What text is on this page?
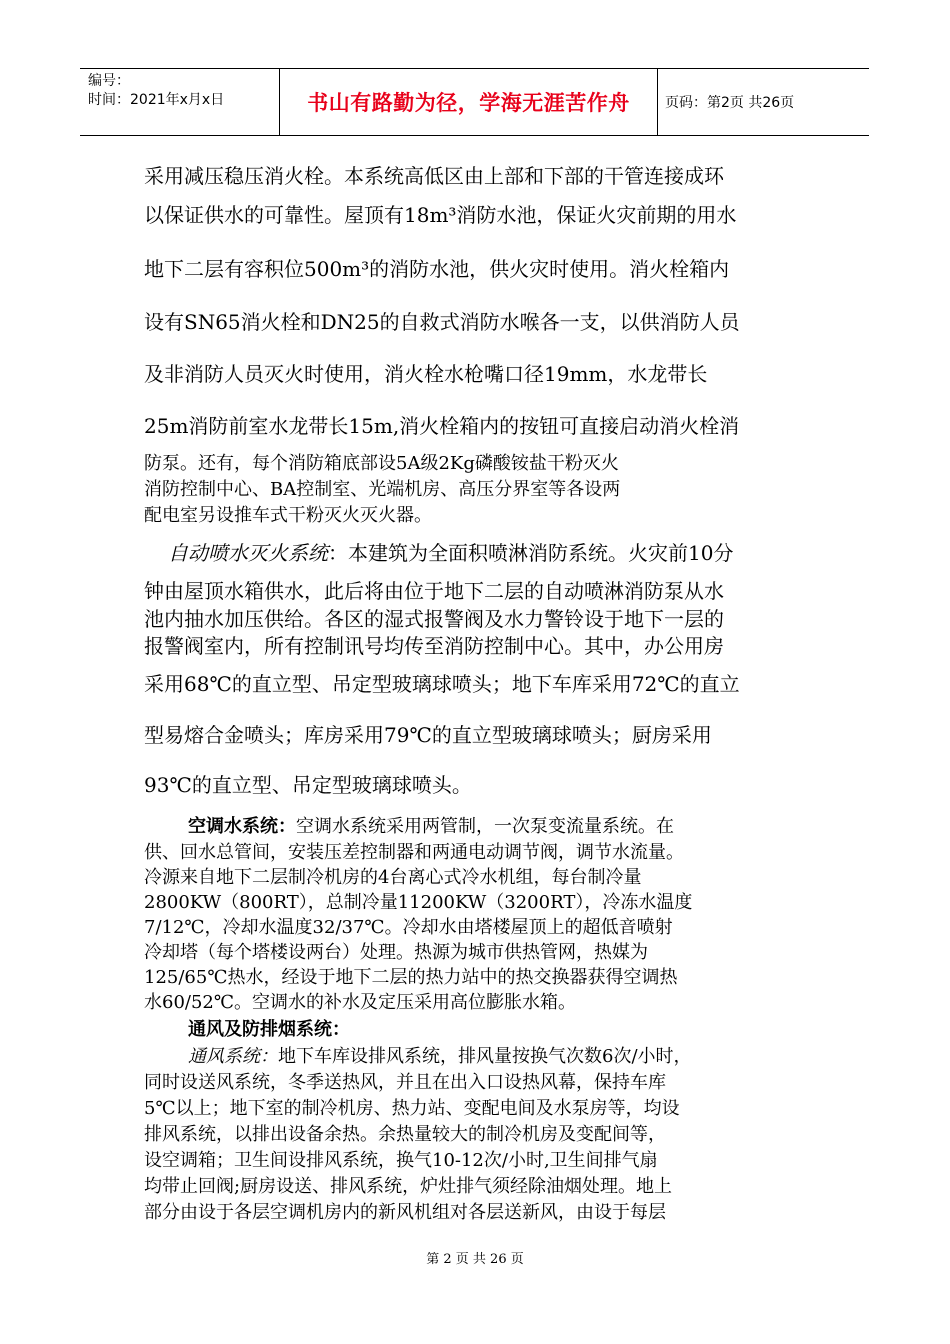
编号：
时间：2021年x月x日	书山有路勤为径，学海无涯苦作舟	页码：第2页 共26页
采用减压稳压消火栓。本系统高低区由上部和下部的干管连接成环
以保证供水的可靠性。屋顶有18m³消防水池，保证火灾前期的用水
地下二层有容积位500m³的消防水池，供火灾时使用。消火栓箱内
设有SN65消火栓和DN25的自救式消防水喉各一支，以供消防人员
及非消防人员灭火时使用，消火栓水枪嘴口径19mm，水龙带长
25m消防前室水龙带长15m,消火栓箱内的按钮可直接启动消火栓消
防泵。还有，每个消防箱底部设5A级2Kg磷酸铵盐干粉灭火
消防控制中心、BA控制室、光端机房、高压分界室等各设两
配电室另设推车式干粉灭火灭火器。
自动喷水灭火系统：本建筑为全面积喷淋消防系统。火灾前10分
钟由屋顶水箱供水，此后将由位于地下二层的自动喷淋消防泵从水
池内抽水加压供给。各区的湿式报警阀及水力警铃设于地下一层的
报警阀室内，所有控制讯号均传至消防控制中心。其中，办公用房
采用68℃的直立型、吊定型玻璃球喷头；地下车库采用72℃的直立
型易熔合金喷头；库房采用79℃的直立型玻璃球喷头；厨房采用
93℃的直立型、吊定型玻璃球喷头。
空调水系统：空调水系统采用两管制，一次泵变流量系统。在
供、回水总管间，安装压差控制器和两通电动调节阀，调节水流量。
冷源来自地下二层制冷机房的4台离心式冷水机组，每台制冷量
2800KW（800RT），总制冷量11200KW（3200RT），冷冻水温度
7/12℃，冷却水温度32/37℃。冷却水由塔楼屋顶上的超低音喷射
冷却塔（每个塔楼设两台）处理。热源为城市供热管网，热媒为
125/65℃热水，经设于地下二层的热力站中的热交换器获得空调热
水60/52℃。空调水的补水及定压采用高位膨胀水箱。
通风及防排烟系统：
通风系统：地下车库设排风系统，排风量按换气次数6次/小时，
同时设送风系统，冬季送热风，并且在出入口设热风幕，保持车库
5℃以上；地下室的制冷机房、热力站、变配电间及水泵房等，均设
排风系统，以排出设备余热。余热量较大的制冷机房及变配间等，
设空调箱；卫生间设排风系统，换气10-12次/小时,卫生间排气扇
均带止回阀;厨房设送、排风系统，炉灶排气须经除油烟处理。地上
部分由设于各层空调机房内的新风机组对各层送新风，由设于每层
第 2 页 共 26 页
